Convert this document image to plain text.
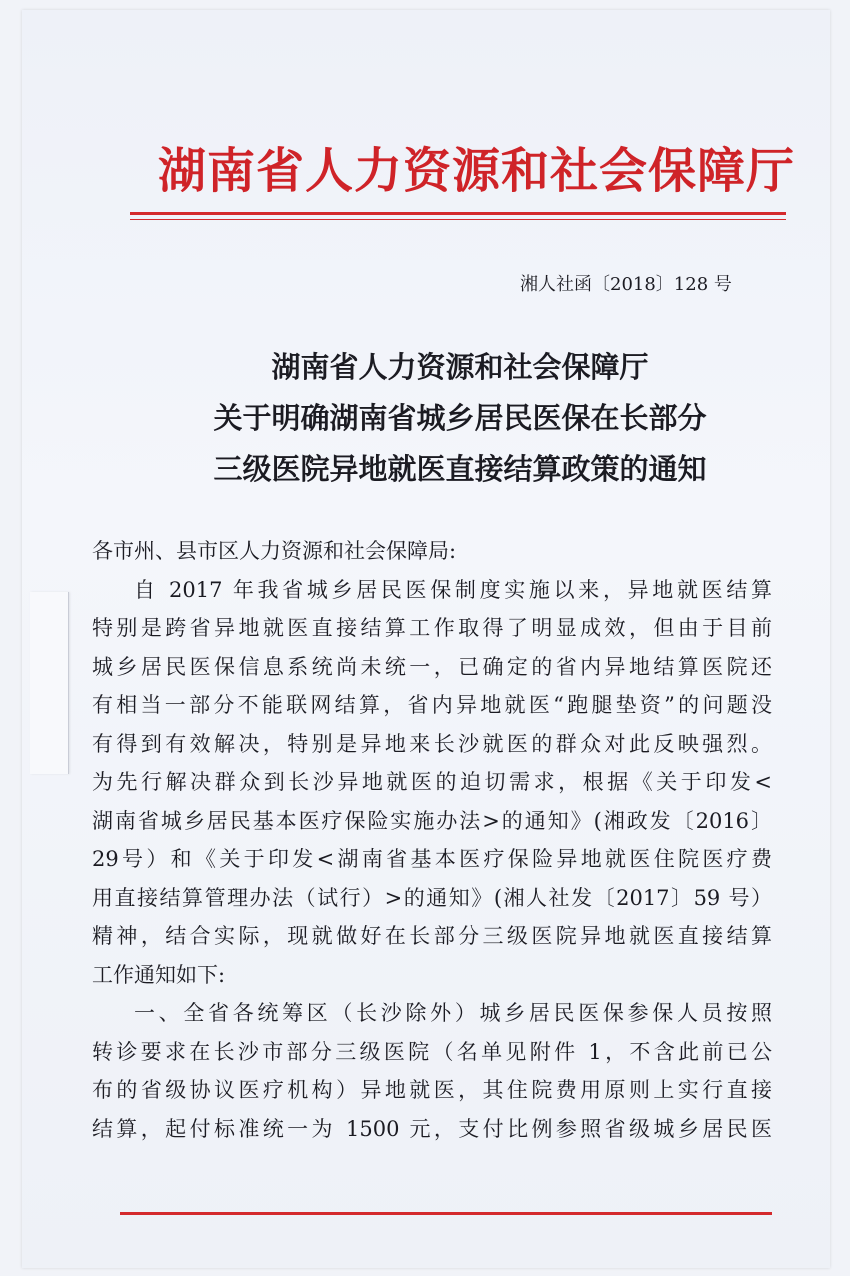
湖南省人力资源和社会保障厅
湘人社函〔2018〕128 号
湖南省人力资源和社会保障厅
关于明确湖南省城乡居民医保在长部分
三级医院异地就医直接结算政策的通知

各市州、县市区人力资源和社会保障局:

自 2017 年我省城乡居民医保制度实施以来，异地就医结算

特别是跨省异地就医直接结算工作取得了明显成效，但由于目前

城乡居民医保信息系统尚未统一，已确定的省内异地结算医院还

有相当一部分不能联网结算，省内异地就医“跑腿垫资”的问题没

有得到有效解决，特别是异地来长沙就医的群众对此反映强烈。

为先行解决群众到长沙异地就医的迫切需求，根据《关于印发<

湖南省城乡居民基本医疗保险实施办法>的通知》(湘政发〔2016〕

29号）和《关于印发<湖南省基本医疗保险异地就医住院医疗费

用直接结算管理办法（试行）>的通知》(湘人社发〔2017〕59 号）

精神，结合实际，现就做好在长部分三级医院异地就医直接结算

工作通知如下:

一、全省各统筹区（长沙除外）城乡居民医保参保人员按照

转诊要求在长沙市部分三级医院（名单见附件 1，不含此前已公

布的省级协议医疗机构）异地就医，其住院费用原则上实行直接

结算，起付标准统一为 1500 元，支付比例参照省级城乡居民医
